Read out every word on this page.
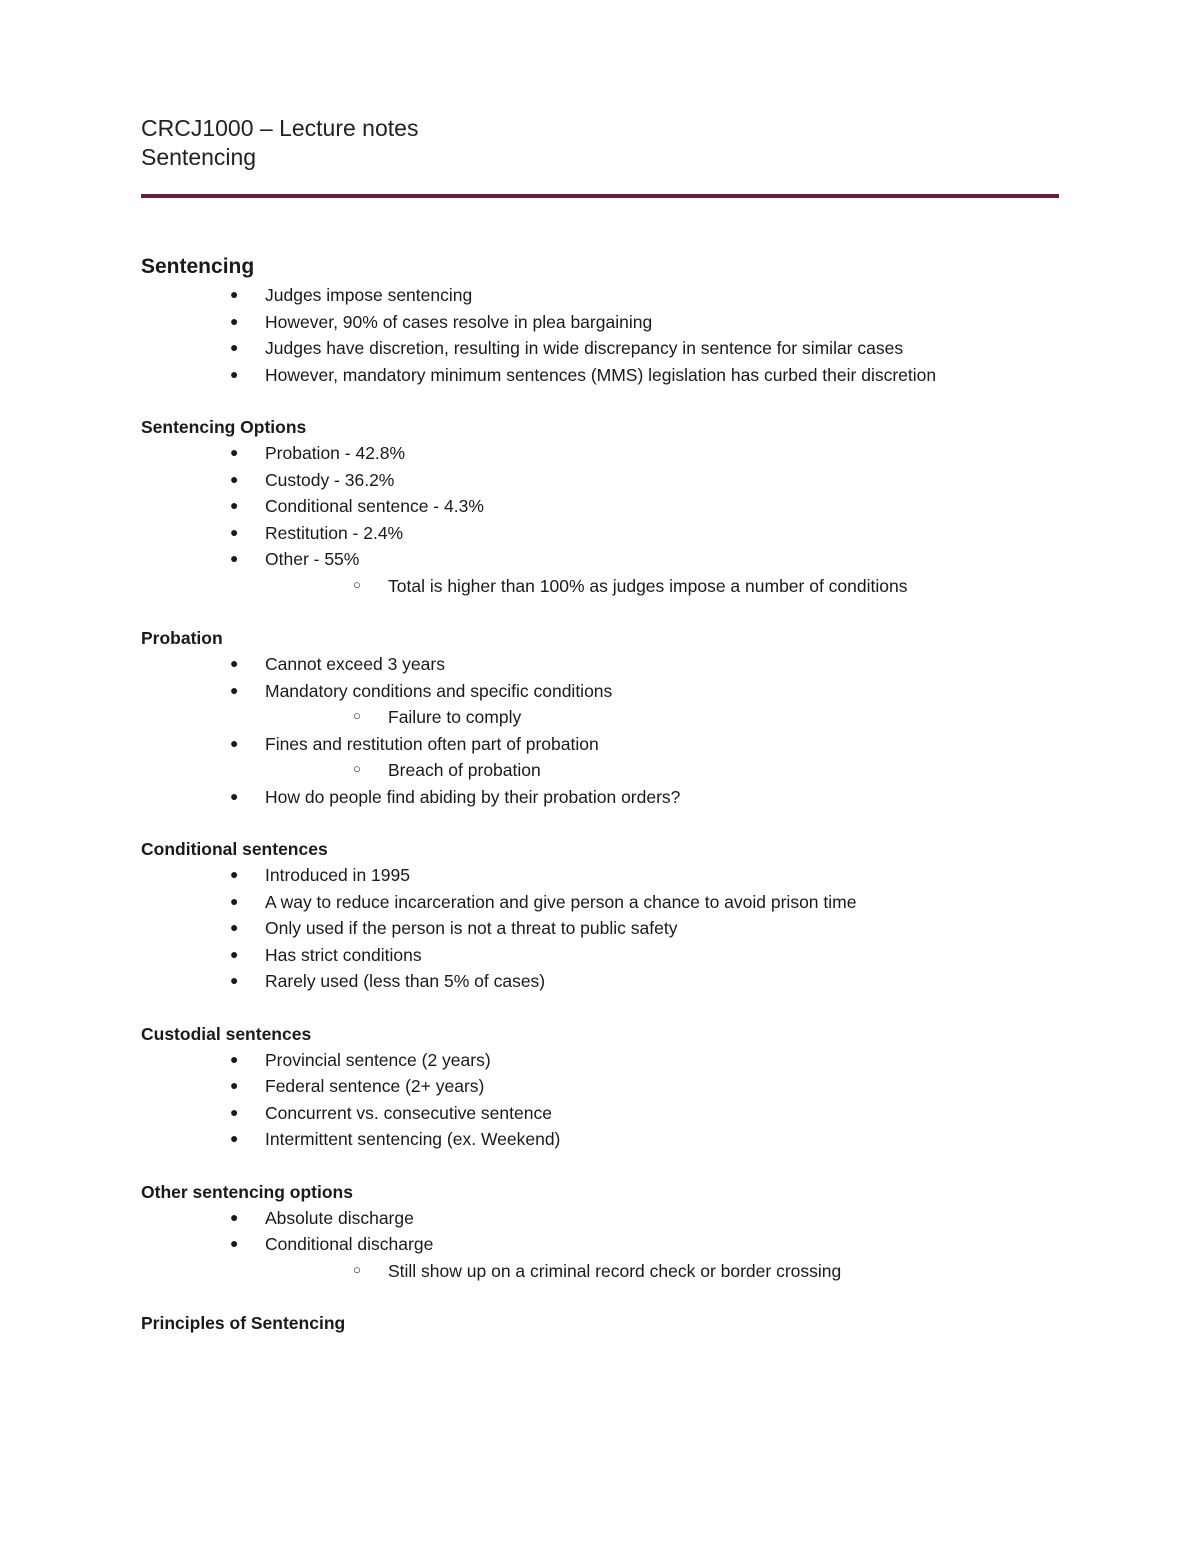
CRCJ1000 – Lecture notes
Sentencing
Sentencing
● Judges impose sentencing
● However, 90% of cases resolve in plea bargaining
● Judges have discretion, resulting in wide discrepancy in sentence for similar cases
● However, mandatory minimum sentences (MMS) legislation has curbed their discretion
Sentencing Options
● Probation - 42.8%
● Custody - 36.2%
● Conditional sentence - 4.3%
● Restitution - 2.4%
● Other - 55%
○ Total is higher than 100% as judges impose a number of conditions
Probation
● Cannot exceed 3 years
● Mandatory conditions and specific conditions
○ Failure to comply
● Fines and restitution often part of probation
○ Breach of probation
● How do people find abiding by their probation orders?
Conditional sentences
● Introduced in 1995
● A way to reduce incarceration and give person a chance to avoid prison time
● Only used if the person is not a threat to public safety
● Has strict conditions
● Rarely used (less than 5% of cases)
Custodial sentences
● Provincial sentence (2 years)
● Federal sentence (2+ years)
● Concurrent vs. consecutive sentence
● Intermittent sentencing (ex. Weekend)
Other sentencing options
● Absolute discharge
● Conditional discharge
○ Still show up on a criminal record check or border crossing
Principles of Sentencing
